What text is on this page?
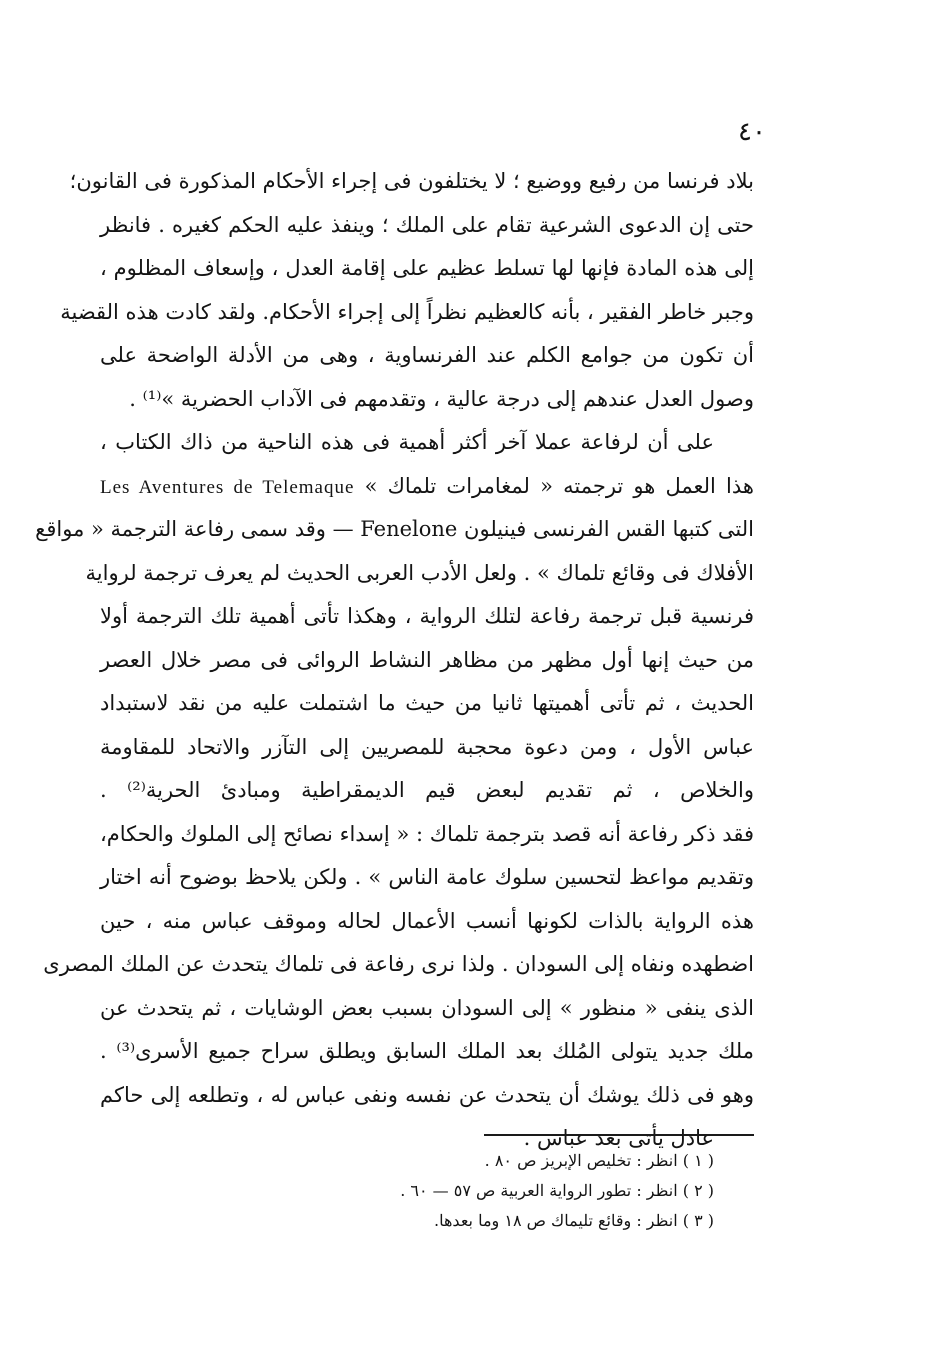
٤٠
بلاد فرنسا من رفيع ووضيع ؛ لا يختلفون فى إجراء الأحكام المذكورة فى القانون؛
حتى إن الدعوى الشرعية تقام على الملك ؛ وينفذ عليه الحكم كغيره . فانظر
إلى هذه المادة فإنها لها تسلط عظيم على إقامة العدل ، وإسعاف المظلوم ،
وجبر خاطر الفقير ، بأنه كالعظيم نظراً إلى إجراء الأحكام. ولقد كادت هذه القضية
أن تكون من جوامع الكلم عند الفرنساوية ، وهى من الأدلة الواضحة على
وصول العدل عندهم إلى درجة عالية ، وتقدمهم فى الآداب الحضرية »⁽¹⁾ .
على أن لرفاعة عملا آخر أكثر أهمية فى هذه الناحية من ذاك الكتاب ،
هذا العمل هو ترجمته « لمغامرات تلماك » Les Aventures de Telemaque
التى كتبها القس الفرنسى فينيلون Fenelone — وقد سمى رفاعة الترجمة « مواقع
الأفلاك فى وقائع تلماك » . ولعل الأدب العربى الحديث لم يعرف ترجمة لرواية
فرنسية قبل ترجمة رفاعة لتلك الرواية ، وهكذا تأتى أهمية تلك الترجمة أولا
من حيث إنها أول مظهر من مظاهر النشاط الروائى فى مصر خلال العصر
الحديث ، ثم تأتى أهميتها ثانيا من حيث ما اشتملت عليه من نقد لاستبداد
عباس الأول ، ومن دعوة محجبة للمصريين إلى التآزر والاتحاد للمقاومة
والخلاص ، ثم تقديم لبعض قيم الديمقراطية ومبادئ الحرية⁽²⁾ .
فقد ذكر رفاعة أنه قصد بترجمة تلماك : « إسداء نصائح إلى الملوك والحكام،
وتقديم مواعظ لتحسين سلوك عامة الناس » . ولكن يلاحظ بوضوح أنه اختار
هذه الرواية بالذات لكونها أنسب الأعمال لحاله وموقف عباس منه ، حين
اضطهده ونفاه إلى السودان . ولذا نرى رفاعة فى تلماك يتحدث عن الملك المصرى
الذى ينفى « منظور » إلى السودان بسبب بعض الوشايات ، ثم يتحدث عن
ملك جديد يتولى المُلك بعد الملك السابق ويطلق سراح جميع الأسرى⁽³⁾ .
وهو فى ذلك يوشك أن يتحدث عن نفسه ونفى عباس له ، وتطلعه إلى حاكم
عادل يأتى بعد عباس .
( ١ ) انظر : تخليص الإبريز ص ٨٠ .
( ٢ ) انظر : تطور الرواية العربية ص ٥٧ — ٦٠ .
( ٣ ) انظر : وقائع تليماك ص ١٨ وما بعدها.
